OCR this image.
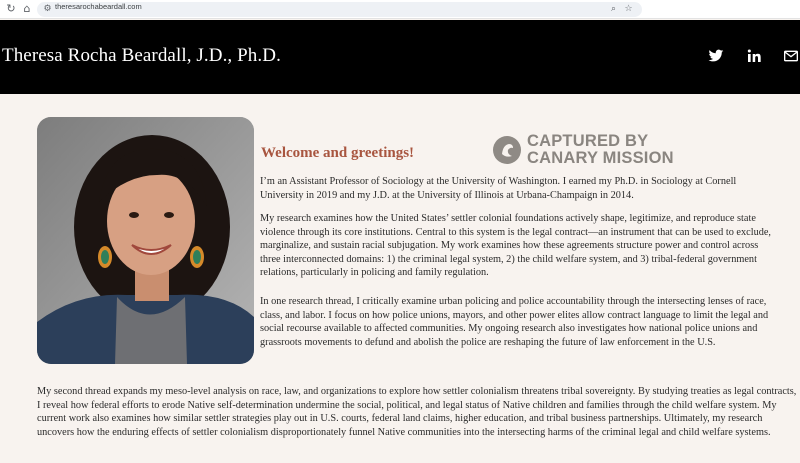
↻ ⌂ ⚙ theresarochabeardall.com	⌕ ☆
Theresa Rocha Beardall, J.D., Ph.D.
CAPTURED BY
CANARY MISSION
Welcome and greetings!

I’m an Assistant Professor of Sociology at the University of Washington. I earned my Ph.D. in Sociology at Cornell University in 2019 and my J.D. at the University of Illinois at Urbana-Champaign in 2014.

My research examines how the United States’ settler colonial foundations actively shape, legitimize, and reproduce state violence through its core institutions. Central to this system is the legal contract—an instrument that can be used to exclude, marginalize, and sustain racial subjugation. My work examines how these agreements structure power and control across three interconnected domains: 1) the criminal legal system, 2) the child welfare system, and 3) tribal-federal government relations, particularly in policing and family regulation.

In one research thread, I critically examine urban policing and police accountability through the intersecting lenses of race, class, and labor. I focus on how police unions, mayors, and other power elites allow contract language to limit the legal and social recourse available to affected communities. My ongoing research also investigates how national police unions and grassroots movements to defund and abolish the police are reshaping the future of law enforcement in the U.S.

My second thread expands my meso-level analysis on race, law, and organizations to explore how settler colonialism threatens tribal sovereignty. By studying treaties as legal contracts, I reveal how federal efforts to erode Native self-determination undermine the social, political, and legal status of Native children and families through the child welfare system. My current work also examines how similar settler strategies play out in U.S. courts, federal land claims, higher education, and tribal business partnerships. Ultimately, my research uncovers how the enduring effects of settler colonialism disproportionately funnel Native communities into the intersecting harms of the criminal legal and child welfare systems.
